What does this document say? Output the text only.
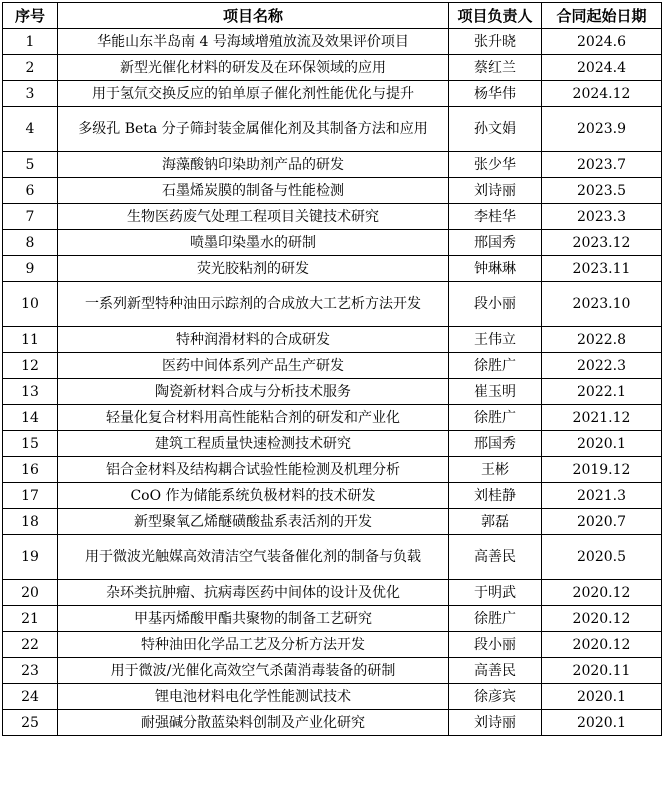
序号	项目名称	项目负责人	合同起始日期
1	华能山东半岛南 4 号海域增殖放流及效果评价项目	张升晓	2024.6
2	新型光催化材料的研发及在环保领域的应用	蔡红兰	2024.4
3	用于氢氘交换反应的铂单原子催化剂性能优化与提升	杨华伟	2024.12
4	多级孔 Beta 分子筛封装金属催化剂及其制备方法和应用	孙文娟	2023.9
5	海藻酸钠印染助剂产品的研发	张少华	2023.7
6	石墨烯炭膜的制备与性能检测	刘诗丽	2023.5
7	生物医药废气处理工程项目关键技术研究	李桂华	2023.3
8	喷墨印染墨水的研制	邢国秀	2023.12
9	荧光胶粘剂的研发	钟琳琳	2023.11
10	一系列新型特种油田示踪剂的合成放大工艺析方法开发	段小丽	2023.10
11	特种润滑材料的合成研发	王伟立	2022.8
12	医药中间体系列产品生产研发	徐胜广	2022.3
13	陶瓷新材料合成与分析技术服务	崔玉明	2022.1
14	轻量化复合材料用高性能粘合剂的研发和产业化	徐胜广	2021.12
15	建筑工程质量快速检测技术研究	邢国秀	2020.1
16	铝合金材料及结构耦合试验性能检测及机理分析	王彬	2019.12
17	CoO 作为储能系统负极材料的技术研发	刘桂静	2021.3
18	新型聚氧乙烯醚磺酸盐系表活剂的开发	郭磊	2020.7
19	用于微波光触媒高效清洁空气装备催化剂的制备与负载	高善民	2020.5
20	杂环类抗肿瘤、抗病毒医药中间体的设计及优化	于明武	2020.12
21	甲基丙烯酸甲酯共聚物的制备工艺研究	徐胜广	2020.12
22	特种油田化学品工艺及分析方法开发	段小丽	2020.12
23	用于微波/光催化高效空气杀菌消毒装备的研制	高善民	2020.11
24	锂电池材料电化学性能测试技术	徐彦宾	2020.1
25	耐强碱分散蓝染料创制及产业化研究	刘诗丽	2020.1
